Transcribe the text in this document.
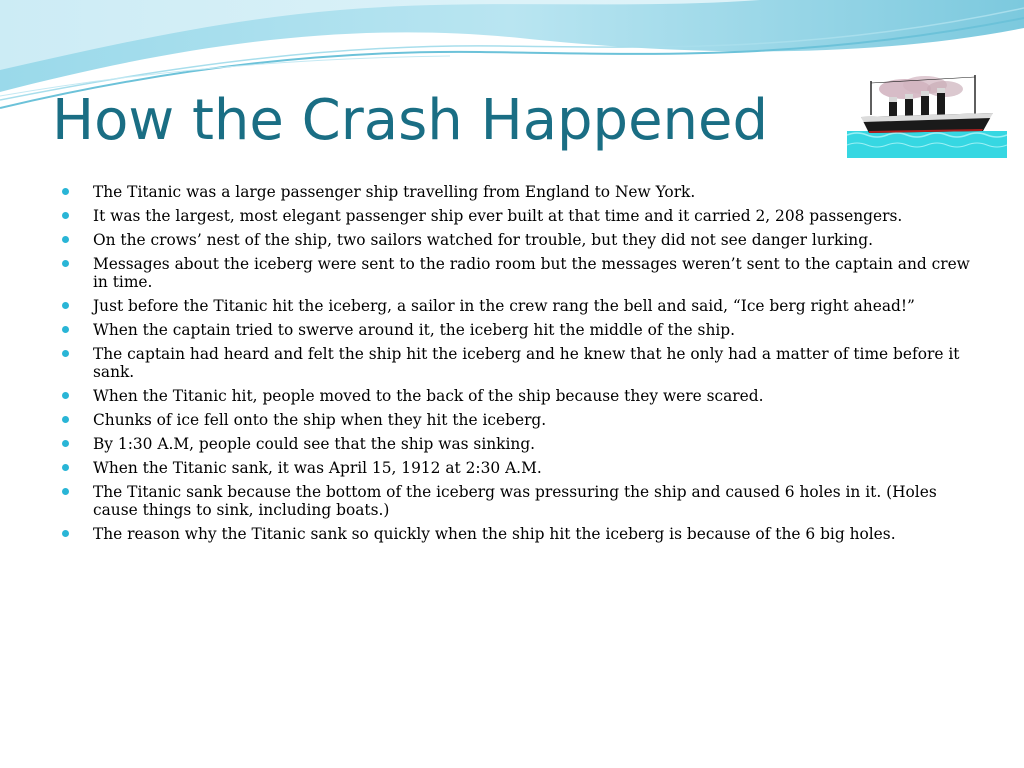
How the Crash Happened
The Titanic was a large passenger ship travelling from England to New York.
It was the largest, most elegant passenger ship ever built at that time and it carried 2, 208 passengers.
On the crows’ nest of the ship, two sailors watched for trouble, but they did not see danger lurking.
Messages about the iceberg were sent to the radio room but the messages weren’t sent to the captain and crew in time.
Just before the Titanic hit the iceberg, a sailor in the crew rang the bell and said, “Ice berg right ahead!”
When the captain tried to swerve around it, the iceberg hit the middle of the ship.
The captain had heard and felt the ship hit the iceberg and he knew that he only had a matter of time before it sank.
When the Titanic hit, people moved to the back of the ship because they were scared.
Chunks of ice fell onto the ship when they hit the iceberg.
By 1:30 A.M, people could see that the ship was sinking.
When the Titanic sank, it was April 15, 1912 at 2:30 A.M.
The Titanic sank because the bottom of the iceberg was pressuring the ship and caused 6 holes in it. (Holes cause things to sink, including boats.)
The reason why the Titanic sank so quickly when the ship hit the iceberg is because of the 6 big holes.
